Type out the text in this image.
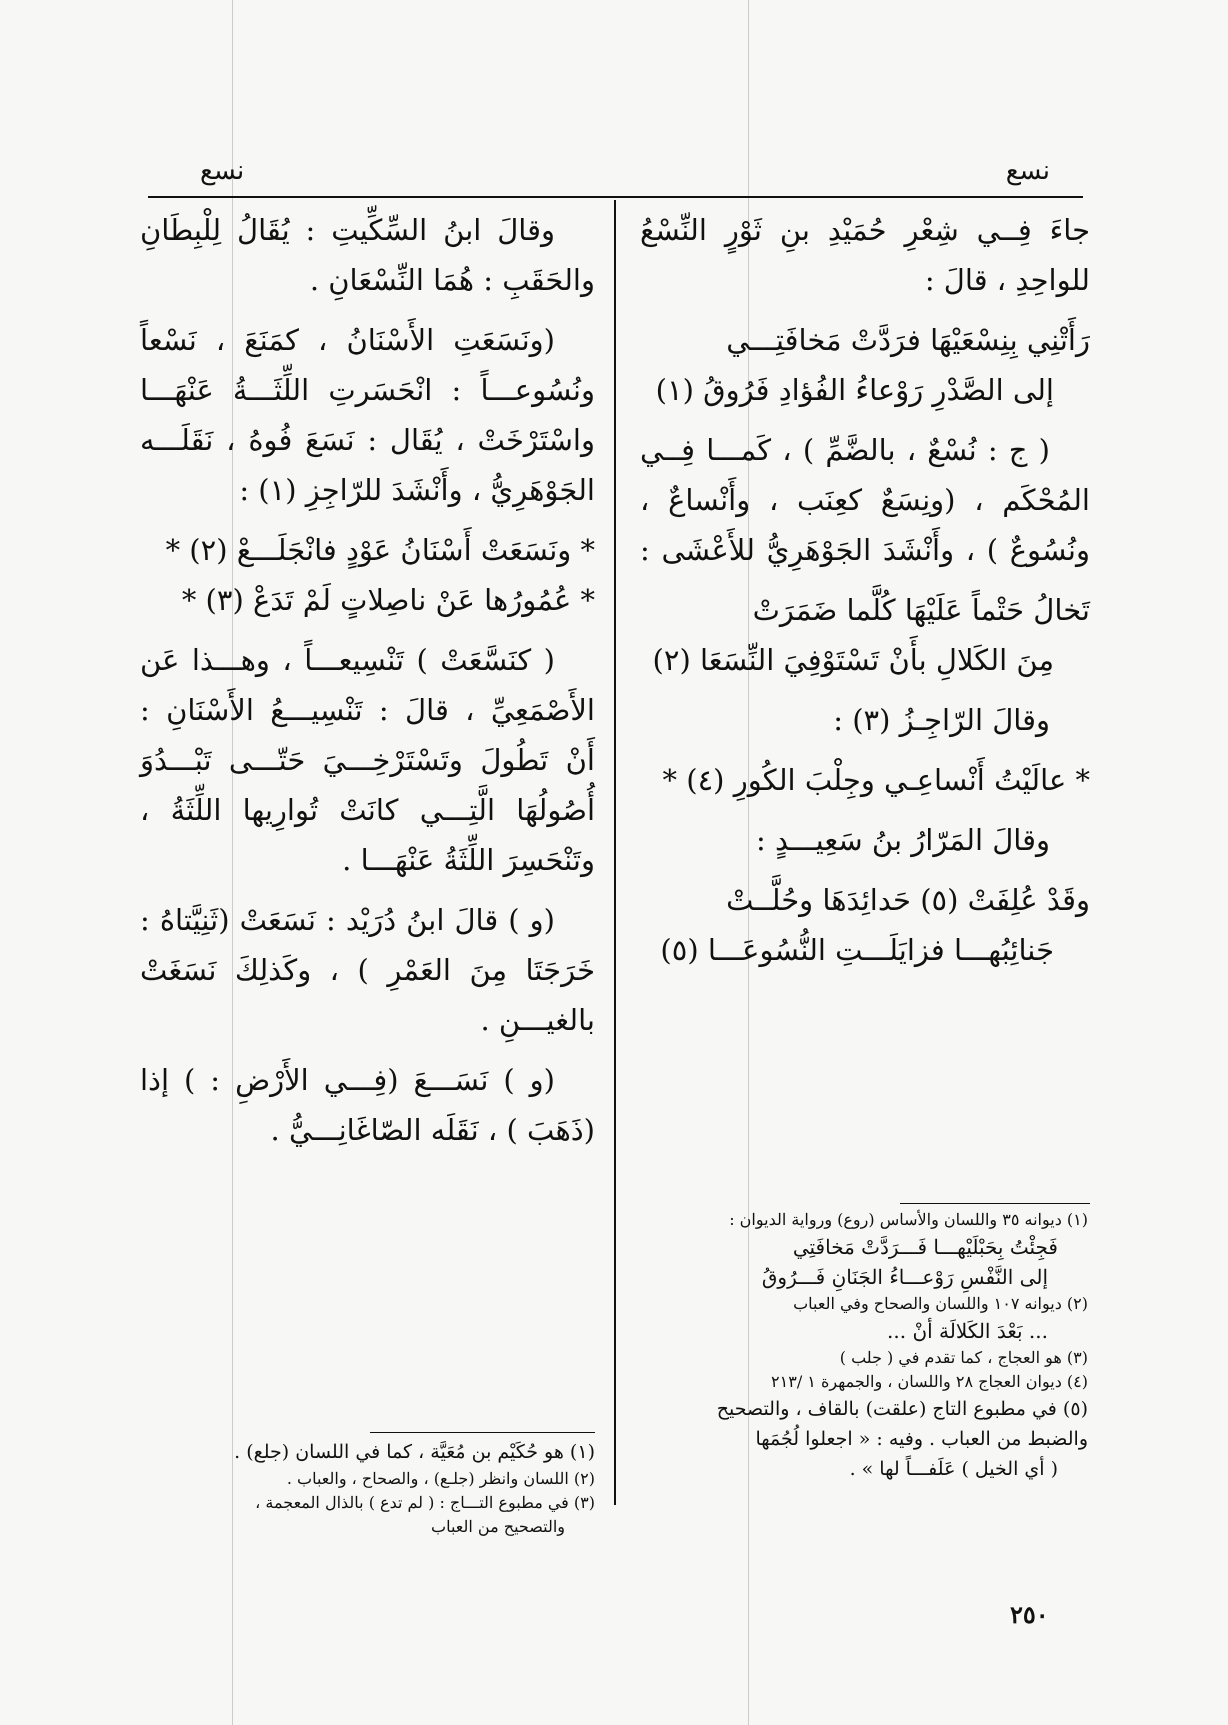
نسع
نسع
جاءَ فِــي شِعْرِ حُمَيْدِ بنِ ثَوْرٍ النِّسْعُ
للواحِدِ ، قالَ :
رَأَتْنِي بِنِسْعَيْهَا فرَدَّتْ مَخافَتِـــي
إلى الصَّدْرِ رَوْعاءُ الفُؤادِ فَرُوقُ (١)
( ج : نُسْعٌ ، بالضَّمِّ ) ، كَمـــا فِــي
المُحْكَم ، (ونِسَعٌ كعِنَب ، وأَنْساعٌ ،
ونُسُوعٌ ) ، وأَنْشَدَ الجَوْهَرِيُّ للأَعْشَى :
تَخالُ حَتْماً عَلَيْهَا كُلَّما ضَمَرَتْ
مِنَ الكَلالِ بأَنْ تَسْتَوْفِيَ النِّسَعَا (٢)
وقالَ الرّاجِـزُ (٣) :
* عالَيْتُ أَنْساعِـي وجِلْبَ الكُورِ (٤) *
وقالَ المَرّارُ بنُ سَعِيـــدٍ :
وقَدْ عُلِفَتْ (٥) حَدائِدَهَا وحُلَّــتْ
جَنائِبُهـــا فزايَلَـــتِ النُّسُوعَـــا (٥)
(١) ديوانه ٣٥ واللسان والأساس (روع) ورواية الديوان :
فَجِئْتُ بِحَبْلَيْهـــا فَـــرَدَّتْ مَخافَتِي
إلى النَّفْسِ رَوْعـــاءُ الجَنَانِ فَـــرُوقُ
(٢) ديوانه ١٠٧ واللسان والصحاح وفي العباب
... بَعْدَ الكَلالَة أنْ ...
(٣) هو العجاج ، كما تقدم في ( جلب )
(٤) ديوان العجاج ٢٨ واللسان ، والجمهرة ١ /٢١٣
(٥) في مطبوع التاج (علقت) بالقاف ، والتصحيح
والضبط من العباب . وفيه : « اجعلوا لُجُمَها
( أي الخيل ) عَلَفـــاً لها » .
وقالَ ابنُ السِّكِّيتِ : يُقَالُ لِلْبِطَانِ
والحَقَبِ : هُمَا النِّسْعَانِ .
(ونَسَعَتِ الأَسْنَانُ ، كمَنَعَ ، نَسْعاً
ونُسُوعـــاً : انْحَسَرتِ اللِّثَـــةُ عَنْهَـــا
واسْتَرْخَتْ ، يُقَال : نَسَعَ فُوهُ ، نَقَلَـــه
الجَوْهَرِيُّ ، وأَنْشَدَ للرّاجِزِ (١) :
* ونَسَعَتْ أَسْنَانُ عَوْدٍ فانْجَلَـــعْ (٢) *
* عُمُورُها عَنْ ناصِلاتٍ لَمْ تَدَعْ (٣) *
( كنَسَّعَتْ ) تَنْسِيعـــاً ، وهـــذا عَن
الأَصْمَعِيِّ ، قالَ : تَنْسِيـــعُ الأَسْنَانِ :
أَنْ تَطُولَ وتَسْتَرْخِـــيَ حَتّـــى تَبْـــدُوَ
أُصُولُهَا الَّتِـــي كانَتْ تُوارِيها اللِّثَةُ ،
وتَنْحَسِرَ اللِّثَةُ عَنْهَـــا .
(و ) قالَ ابنُ دُرَيْد : نَسَعَتْ (ثَنِيَّتاهُ :
خَرَجَتَا مِنَ العَمْرِ ) ، وكَذلِكَ نَسَغَتْ
بالغيـــنِ .
(و ) نَسَـــعَ (فِـــي الأَرْضِ : ) إذا
(ذَهَبَ ) ، نَقَلَه الصّاغَانِـــيُّ .
(١) هو حُكَيْم بن مُعَيَّة ، كما في اللسان (جلع) .
(٢) اللسان وانظر (جلـع) ، والصحاح ، والعباب .
(٣) في مطبوع التـــاج : ( لم تدع ) بالذال المعجمة ،
والتصحيح من العباب
٢٥٠
